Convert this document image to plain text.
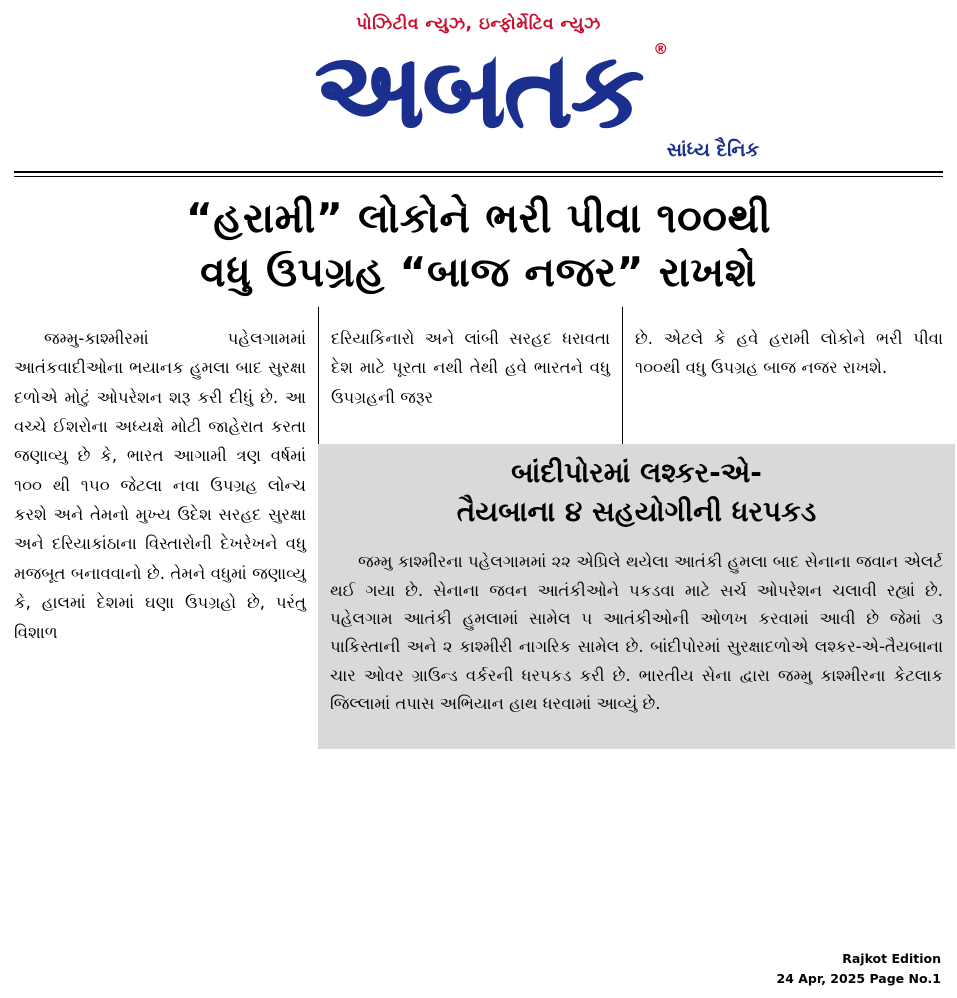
પોઝિટીવ ન્યુઝ, ઇન્ફોર્મેટિવ ન્યુઝ
અબતક ®
સાંધ્ય દૈનિક
“હરામી” લોકોને ભરી પીવા ૧૦૦થી
વધુ ઉપગ્રહ “બાજ નજર” રાખશે

જમ્મુ-કાશ્મીરમાં પહેલગામમાં આતંકવાદીઓના ભયાનક હુમલા બાદ સુરક્ષા દળોએ મોટું ઓપરેશન શરૂ કરી દીધું છે. આ વચ્ચે ઈશરોના અધ્યક્ષે મોટી જાહેરાત કરતા જણાવ્યુ છે કે, ભારત આગામી ત્રણ વર્ષમાં ૧૦૦ થી ૧૫૦ જેટલા નવા ઉપગ્રહ લોન્ચ કરશે અને તેમનો મુખ્ય ઉદેશ સરહદ સુરક્ષા અને દરિયાકાંઠાના વિસ્તારોની દેખરેખને વધુ મજબૂત બનાવવાનો છે. તેમને વધુમાં જણાવ્યુ કે, હાલમાં દેશમાં ઘણા ઉપગ્રહો છે, પરંતુ વિશાળ

દરિયાકિનારો અને લાંબી સરહદ ધરાવતા દેશ માટે પૂરતા નથી તેથી હવે ભારતને વધુ ઉપગ્રહની જરૂર

છે. એટલે કે હવે હરામી લોકોને ભરી પીવા ૧૦૦થી વધુ ઉપગ્રહ બાજ નજર રાખશે.

બાંદીપોરમાં લશ્કર-એ-
તૈયબાના ૪ સહયોગીની ધરપકડ

જમ્મુ કાશ્મીરના પહેલગામમાં ૨૨ એપ્રિલે થયેલા આતંકી હુમલા બાદ સેનાના જવાન એલર્ટ થઈ ગયા છે. સેનાના જવન આતંકીઓને પકડવા માટે સર્ચ ઓપરેશન ચલાવી રહ્યાં છે. પહેલગામ આતંકી હુમલામાં સામેલ ૫ આતંકીઓની ઓળખ કરવામાં આવી છે જેમાં ૩ પાકિસ્તાની અને ૨ કાશ્મીરી નાગરિક સામેલ છે. બાંદીપોરમાં સુરક્ષાદળોએ લશ્કર-એ-તૈયબાના ચાર ઓવર ગ્રાઉન્ડ વર્કરની ધરપકડ કરી છે. ભારતીય સેના દ્વારા જમ્મુ કાશ્મીરના કેટલાક જિલ્લામાં તપાસ અભિયાન હાથ ધરવામાં આવ્યું છે.

Rajkot Edition
24 Apr, 2025 Page No.1
